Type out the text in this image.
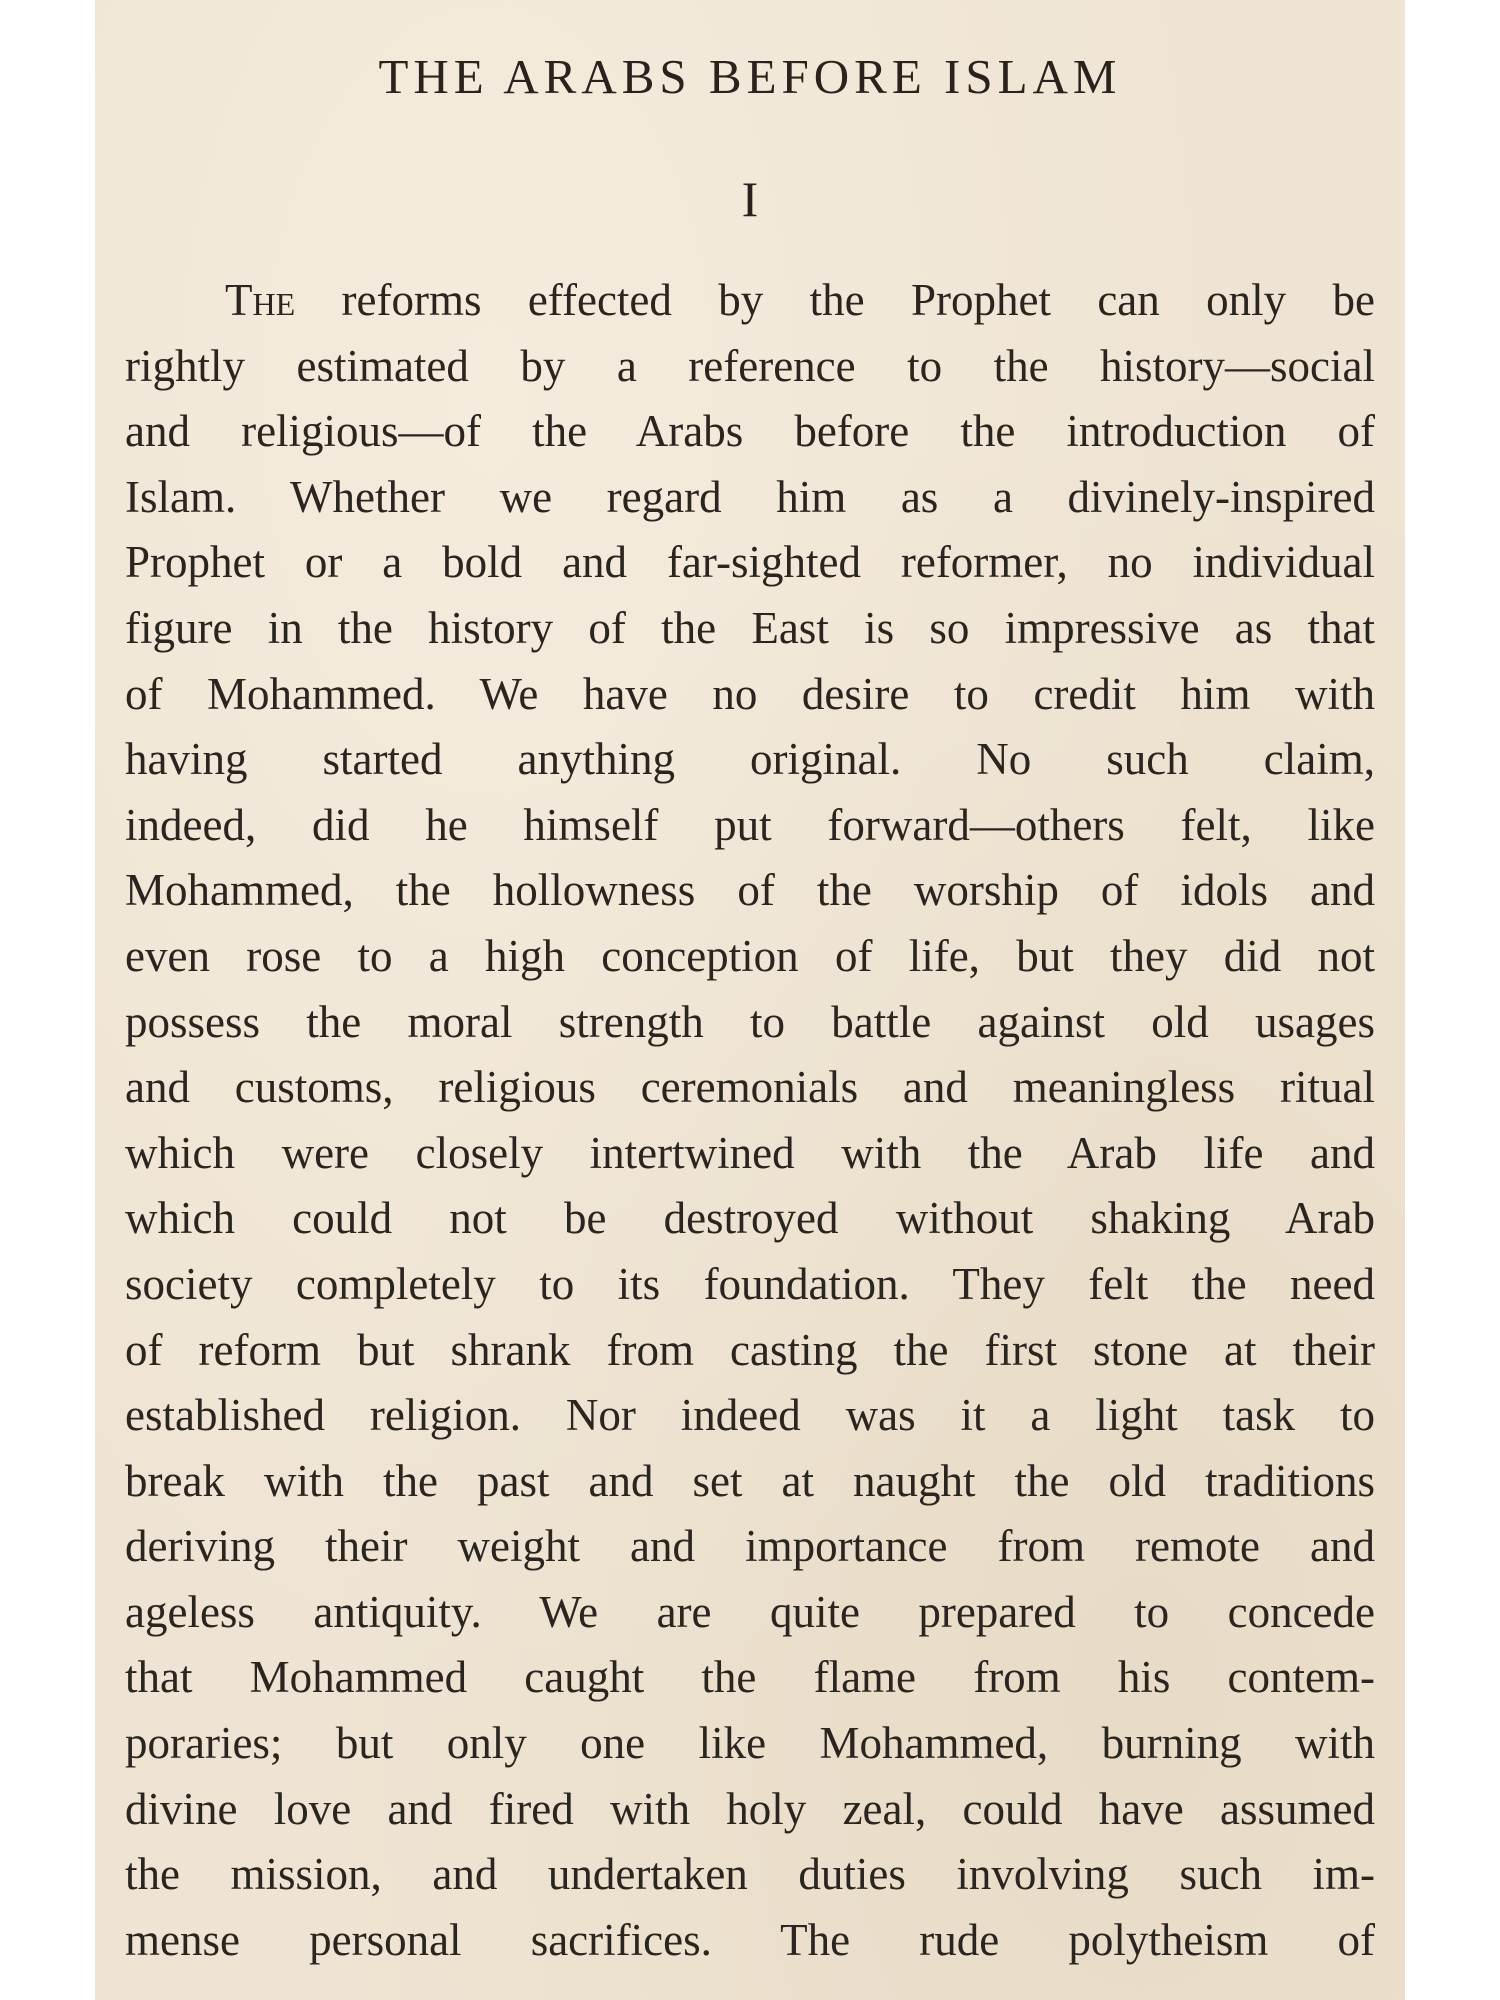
THE ARABS BEFORE ISLAM
I
The reforms effected by the Prophet can only be
rightly estimated by a reference to the history—social
and religious—of the Arabs before the introduction of
Islam. Whether we regard him as a divinely-inspired
Prophet or a bold and far-sighted reformer, no individual
figure in the history of the East is so impressive as that
of Mohammed. We have no desire to credit him with
having started anything original. No such claim,
indeed, did he himself put forward—others felt, like
Mohammed, the hollowness of the worship of idols and
even rose to a high conception of life, but they did not
possess the moral strength to battle against old usages
and customs, religious ceremonials and meaningless ritual
which were closely intertwined with the Arab life and
which could not be destroyed without shaking Arab
society completely to its foundation. They felt the need
of reform but shrank from casting the first stone at their
established religion. Nor indeed was it a light task to
break with the past and set at naught the old traditions
deriving their weight and importance from remote and
ageless antiquity. We are quite prepared to concede
that Mohammed caught the flame from his contem-
poraries; but only one like Mohammed, burning with
divine love and fired with holy zeal, could have assumed
the mission, and undertaken duties involving such im-
mense personal sacrifices. The rude polytheism of
